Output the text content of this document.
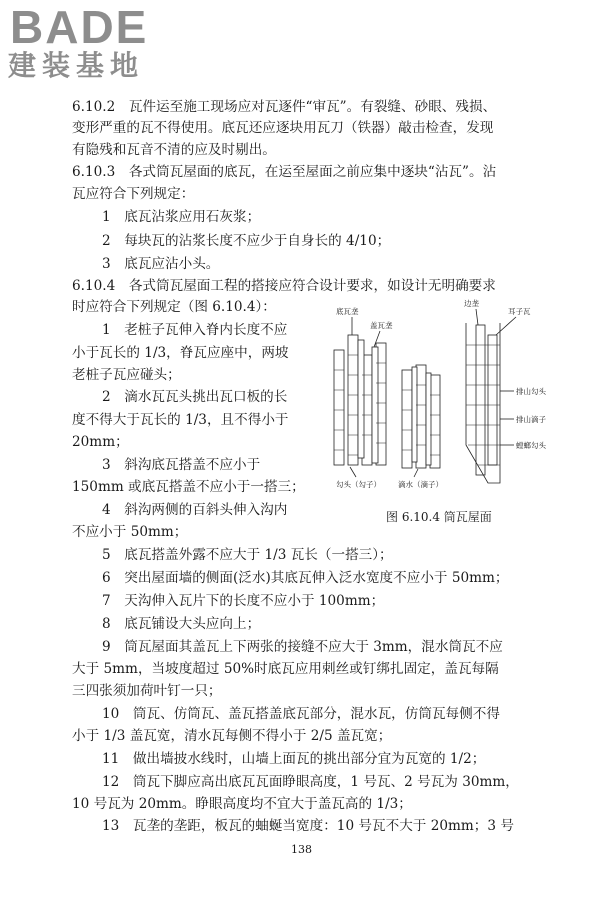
BADE
建装基地
6.10.2　瓦件运至施工现场应对瓦逐件“审瓦”。有裂缝、砂眼、残损、
变形严重的瓦不得使用。底瓦还应逐块用瓦刀（铁器）敲击检查，发现
有隐残和瓦音不清的应及时剔出。
6.10.3　各式筒瓦屋面的底瓦，在运至屋面之前应集中逐块“沾瓦”。沾
瓦应符合下列规定：
1　底瓦沾浆应用石灰浆；
2　每块瓦的沾浆长度不应少于自身长的 4/10；
3　底瓦应沾小头。
6.10.4　各式筒瓦屋面工程的搭接应符合设计要求，如设计无明确要求
时应符合下列规定（图 6.10.4）：
1　老桩子瓦伸入脊内长度不应
小于瓦长的 1/3，脊瓦应座中，两坡
老桩子瓦应碰头；
2　滴水瓦瓦头挑出瓦口板的长
度不得大于瓦长的 1/3，且不得小于
20mm；
3　斜沟底瓦搭盖不应小于
150mm 或底瓦搭盖不应小于一搭三；
4　斜沟两侧的百斜头伸入沟内
不应小于 50mm；
5　底瓦搭盖外露不应大于 1/3 瓦长（一搭三）；
6　突出屋面墙的侧面(泛水)其底瓦伸入泛水宽度不应小于 50mm；
7　天沟伸入瓦片下的长度不应小于 100mm；
8　底瓦铺设大头应向上；
9　筒瓦屋面其盖瓦上下两张的接缝不应大于 3mm，混水筒瓦不应
大于 5mm，当坡度超过 50%时底瓦应用刺丝或钉绑扎固定，盖瓦每隔
三四张须加荷叶钉一只；
10　筒瓦、仿筒瓦、盖瓦搭盖底瓦部分，混水瓦，仿筒瓦每侧不得
小于 1/3 盖瓦宽，清水瓦每侧不得小于 2/5 盖瓦宽；
11　做出墙披水线时，山墙上面瓦的挑出部分宜为瓦宽的 1/2；
12　筒瓦下脚应高出底瓦瓦面睁眼高度，1 号瓦、2 号瓦为 30mm，
10 号瓦为 20mm。睁眼高度均不宜大于盖瓦高的 1/3；
13　瓦垄的垄距，板瓦的蚰蜒当宽度：10 号瓦不大于 20mm；3 号
底瓦垄
盖瓦垄
边垄
耳子瓦
排山勾头
排山滴子
螳螂勾头
勾头（勾子） 滴水（滴子）
图 6.10.4 筒瓦屋面
138
